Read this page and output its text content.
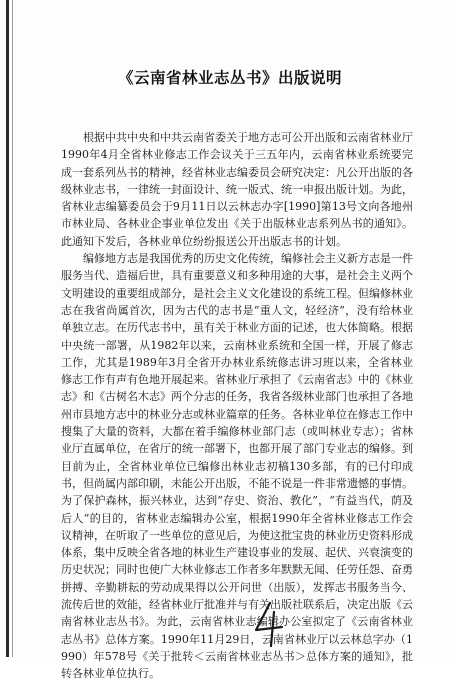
《云南省林业志丛书》出版说明

根据中共中央和中共云南省委关于地方志可公开出版和云南省林业厅1990年4月全省林业修志工作会议关于三五年内，云南省林业系统要完成一套系列丛书的精神，经省林业志编委员会研究决定：凡公开出版的各级林业志书，一律统一封面设计、统一版式、统一申报出版计划。为此，省林业志编纂委员会于9月11日以云林志办字[1990]第13号文向各地州市林业局、各林业企事业单位发出《关于出版林业志系列丛书的通知》。此通知下发后，各林业单位纷纷报送公开出版志书的计划。

编修地方志是我国优秀的历史文化传统，编修社会主义新方志是一件服务当代、造福后世，具有重要意义和多种用途的大事，是社会主义两个文明建设的重要组成部分，是社会主义文化建设的系统工程。但编修林业志在我省尚属首次，因为古代的志书是“重人文，轻经济”，没有给林业单独立志。在历代志书中，虽有关于林业方面的记述，也大体简略。根据中央统一部署，从1982年以来，云南林业系统和全国一样，开展了修志工作，尤其是1989年3月全省开办林业系统修志讲习班以来，全省林业修志工作有声有色地开展起来。省林业厅承担了《云南省志》中的《林业志》和《古树名木志》两个分志的任务，我省各级林业部门也承担了各地州市县地方志中的林业分志或林业篇章的任务。各林业单位在修志工作中搜集了大量的资料，大都在着手编修林业部门志（或叫林业专志）；省林业厅直属单位，在省厅的统一部署下，也都开展了部门专业志的编修。到目前为止，全省林业单位已编修出林业志初稿130多部，有的已付印成书，但尚属内部印刷，未能公开出版，不能不说是一件非常遗憾的事情。为了保护森林，振兴林业，达到“存史、资治、教化”，“有益当代，荫及后人”的目的，省林业志编辑办公室，根据1990年全省林业修志工作会议精神，在听取了一些单位的意见后，为使这批宝贵的林业历史资料形成体系，集中反映全省各地的林业生产建设事业的发展、起伏、兴衰演变的历史状况；同时也使广大林业修志工作者多年默默无闻、任劳任怨、奋勇拼搏、辛勤耕耘的劳动成果得以公开问世（出版），发挥志书服务当今、流传后世的效能，经省林业厅批准并与有关出版社联系后，决定出版《云南省林业志丛书》。为此，云南省林业志编辑办公室拟定了《云南省林业志丛书》总体方案。1990年11月29日，云南省林业厅以云林总字办（1990）年578号《关于批转＜云南省林业志丛书＞总体方案的通知》，批转各林业单位执行。
